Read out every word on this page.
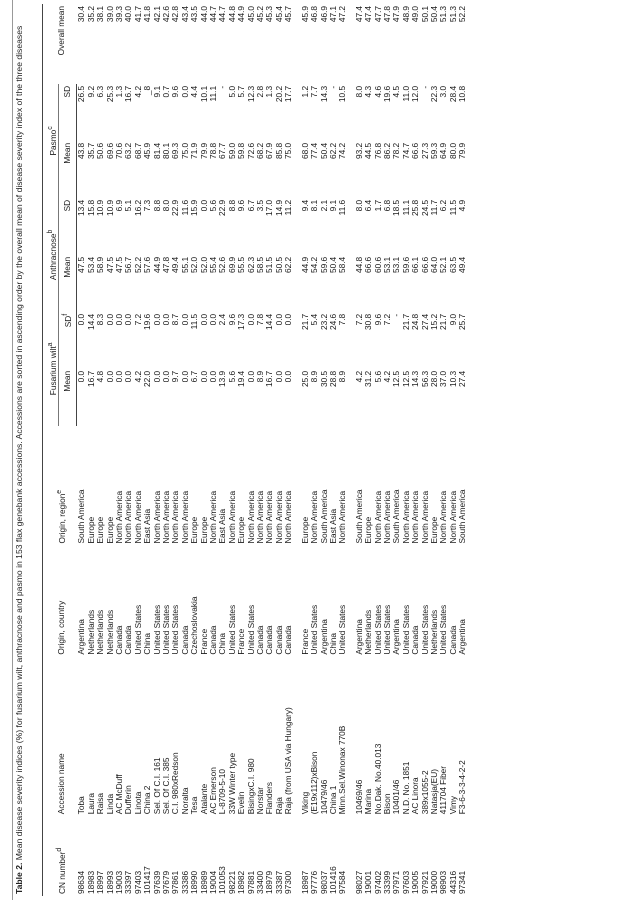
Table 2. Mean disease severity indices (%) for fusarium wilt, anthracnose and pasmo in 153 flax genebank accessions. Accessions are sorted in ascending order by the overall mean of disease severity index of the three diseases
CN number$^d$	Accession name	Origin, country	Origin, region$^e$	Fusarium wilt$^a$		Anthracnose$^b$		Pasmo$^c$		Overall mean
				Mean	$SD^f$	Mean	SD	Mean	SD	
98634	Toba	Argentina	South America	0.0	0.0	47.5	13.4	43.8	26.5	30.4
18983	Laura	Netherlands	Europe	16.7	14.4	53.4	15.8	35.7	9.2	35.2
18997	Raisa	Netherlands	Europe	4.8	8.3	58.9	10.9	50.6	6.3	38.1
18993	Linda	Netherlands	Europe	0.0	0.0	47.5	10.9	69.6	25.3	39.0
19003	AC McDuff	Canada	North America	0.0	0.0	47.5	6.9	70.6	1.3	39.3
33397	Dufferin	Canada	North America	0.0	0.0	56.7	5.1	63.2	16.7	40.0
97403	Linota	United States	North America	4.2	7.2	52.2	16.2	68.7	4.2	41.7
101417	China 2	China	East Asia	22.0	19.6	57.6	7.3	45.9	_8	41.8
97639	Sel. Of C.I. 161	United States	North America	0.0	0.0	44.9	8.8	81.4	9.1	42.1
97679	Sel. Of C.I. 385	United States	North America	0.0	0.0	47.8	8.0	80.1	0.7	42.6
97861	C.I. 980xRedson	United States	North America	9.7	8.7	49.4	22.9	69.3	9.6	42.8
33386	Noralta	Canada	North America	0.0	0.0	55.1	11.6	75.0	0.0	43.4
18990	Tesa	Czechoslovakia	Europe	6.7	11.5	52.0	15.9	71.9	4.4	43.5
18989	Atalante	France	Europe	0.0	0.0	52.0	0.0	79.9	10.1	44.0
19004	AC Emerson	Canada	North America	0.0	0.0	55.4	5.6	78.8	11.1	44.7
101053	L-8709-5-10	China	East Asia	13.9	2.4	52.6	22.9	67.7	-	44.7
98221	33W Winter type	United States	North America	5.6	9.6	69.9	8.8	59.0	5.0	44.8
18982	Evelin	France	Europe	19.4	17.3	55.5	9.6	59.8	5.7	44.9
97881	BisingxC.I. 980	United States	North America	0.0	0.0	62.3	6.7	72.6	12.3	45.0
33400	Norstar	Canada	North America	8.9	7.8	58.5	3.5	68.2	2.8	45.2
18979	Flanders	Canada	North America	16.7	14.4	51.5	17.0	67.9	1.3	45.3
33387	Raja	Canada	North America	0.0	0.0	50.5	14.9	85.8	20.2	45.4
97300	Raja (from USA via Hungary)	Canada	North America	0.0	0.0	62.2	11.2	75.0	17.7	45.7

18987	Viking	France	Europe	25.0	21.7	44.9	9.4	68.0	1.2	45.9
97776	(E19x112)xBison	United States	North America	8.9	5.4	54.2	8.1	77.4	7.7	46.8
98037	10479/46	Argentina	South America	30.5	23.2	59.6	2.1	50.4	14.3	46.9
101416	China 1	China	East Asia	28.8	24.6	50.4	9.1	62.2	-	47.1
97584	Minn.Sel.Winonax 770B	United States	North America	8.9	7.8	58.4	11.6	74.2	10.5	47.2

98027	10469/46	Argentina	South America	4.2	7.2	44.8	8.0	93.2	8.0	47.4
19001	Marina	Netherlands	Europe	31.2	30.8	66.6	6.4	44.5	4.3	47.4
97402	No.Dak. No.40.013	United States	North America	5.6	9.6	60.6	1.7	76.8	4.6	47.7
33399	Bison	United States	North America	4.2	7.2	53.1	6.8	86.2	19.6	47.8
97971	10401/46	Argentina	South America	12.5	-	53.1	18.5	78.2	4.5	47.9
97603	N.D. No. 1851	United States	North America	12.5	21.7	59.6	11.1	74.7	11.0	48.9
19005	AC Linora	Canada	North America	14.3	24.8	66.1	25.8	66.6	12.0	49.0
97921	389x1055-2	United States	North America	56.3	27.4	66.6	24.5	27.3	-	50.1
19000	Natasja(EU)	Netherlands	Europe	28.0	15.2	64.0	11.7	59.3	22.3	50.4
98903	411704 Fiber	United States	North America	37.0	21.7	52.1	6.2	64.9	3.0	51.3
44316	Vimy	Canada	North America	10.3	9.0	63.5	11.5	80.0	28.4	51.3
97341	F3-6-3-3-4-2-2	Argentina	South America	27.4	25.7	49.4	4.9	79.9	10.8	52.2
